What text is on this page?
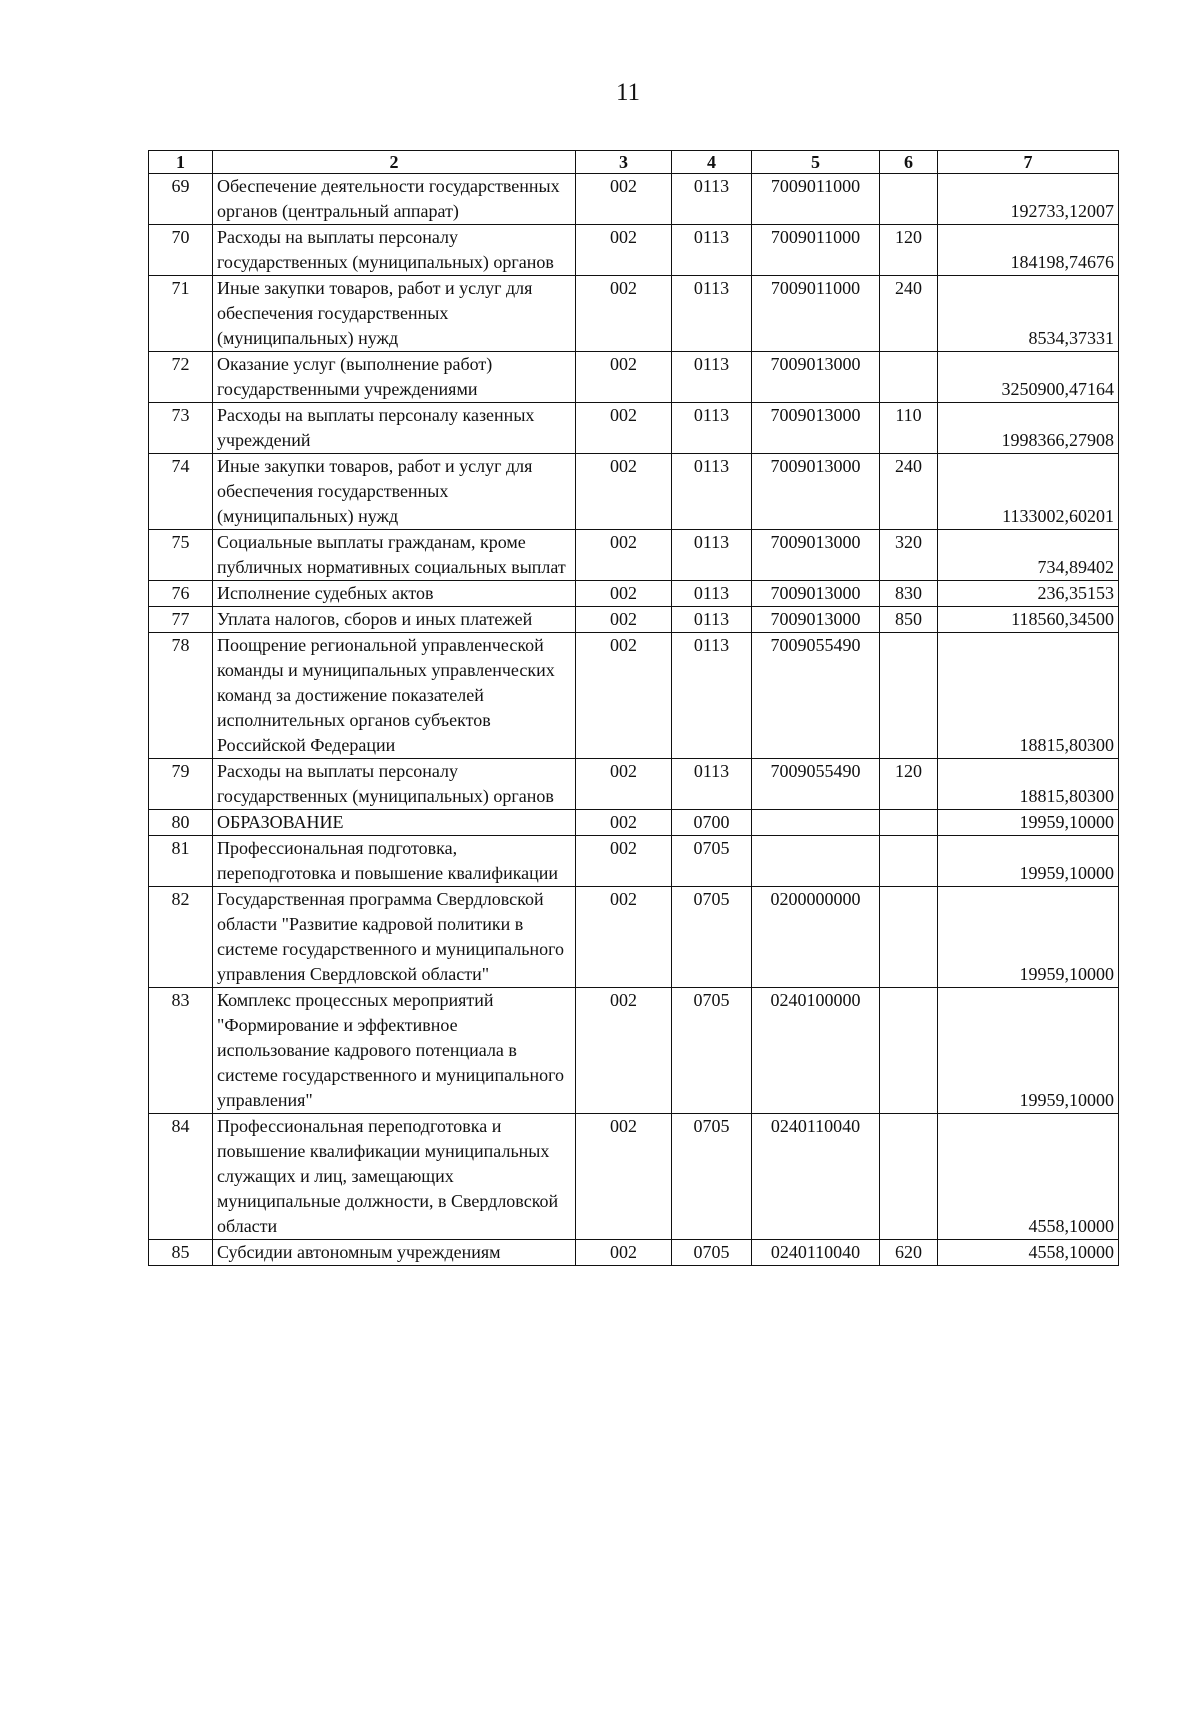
11
1	2	3	4	5	6	7
69	Обеспечение деятельности государственных органов (центральный аппарат)	002	0113	7009011000		192733,12007
70	Расходы на выплаты персоналу государственных (муниципальных) органов	002	0113	7009011000	120	184198,74676
71	Иные закупки товаров, работ и услуг для обеспечения государственных (муниципальных) нужд	002	0113	7009011000	240	8534,37331
72	Оказание услуг (выполнение работ) государственными учреждениями	002	0113	7009013000		3250900,47164
73	Расходы на выплаты персоналу казенных учреждений	002	0113	7009013000	110	1998366,27908
74	Иные закупки товаров, работ и услуг для обеспечения государственных (муниципальных) нужд	002	0113	7009013000	240	1133002,60201
75	Социальные выплаты гражданам, кроме публичных нормативных социальных выплат	002	0113	7009013000	320	734,89402
76	Исполнение судебных актов	002	0113	7009013000	830	236,35153
77	Уплата налогов, сборов и иных платежей	002	0113	7009013000	850	118560,34500
78	Поощрение региональной управленческой команды и муниципальных управленческих команд за достижение показателей исполнительных органов субъектов Российской Федерации	002	0113	7009055490		18815,80300
79	Расходы на выплаты персоналу государственных (муниципальных) органов	002	0113	7009055490	120	18815,80300
80	ОБРАЗОВАНИЕ	002	0700			19959,10000
81	Профессиональная подготовка, переподготовка и повышение квалификации	002	0705			19959,10000
82	Государственная программа Свердловской области "Развитие кадровой политики в системе государственного и муниципального управления Свердловской области"	002	0705	0200000000		19959,10000
83	Комплекс процессных мероприятий "Формирование и эффективное использование кадрового потенциала в системе государственного и муниципального управления"	002	0705	0240100000		19959,10000
84	Профессиональная переподготовка и повышение квалификации муниципальных служащих и лиц, замещающих муниципальные должности, в Свердловской области	002	0705	0240110040		4558,10000
85	Субсидии автономным учреждениям	002	0705	0240110040	620	4558,10000
